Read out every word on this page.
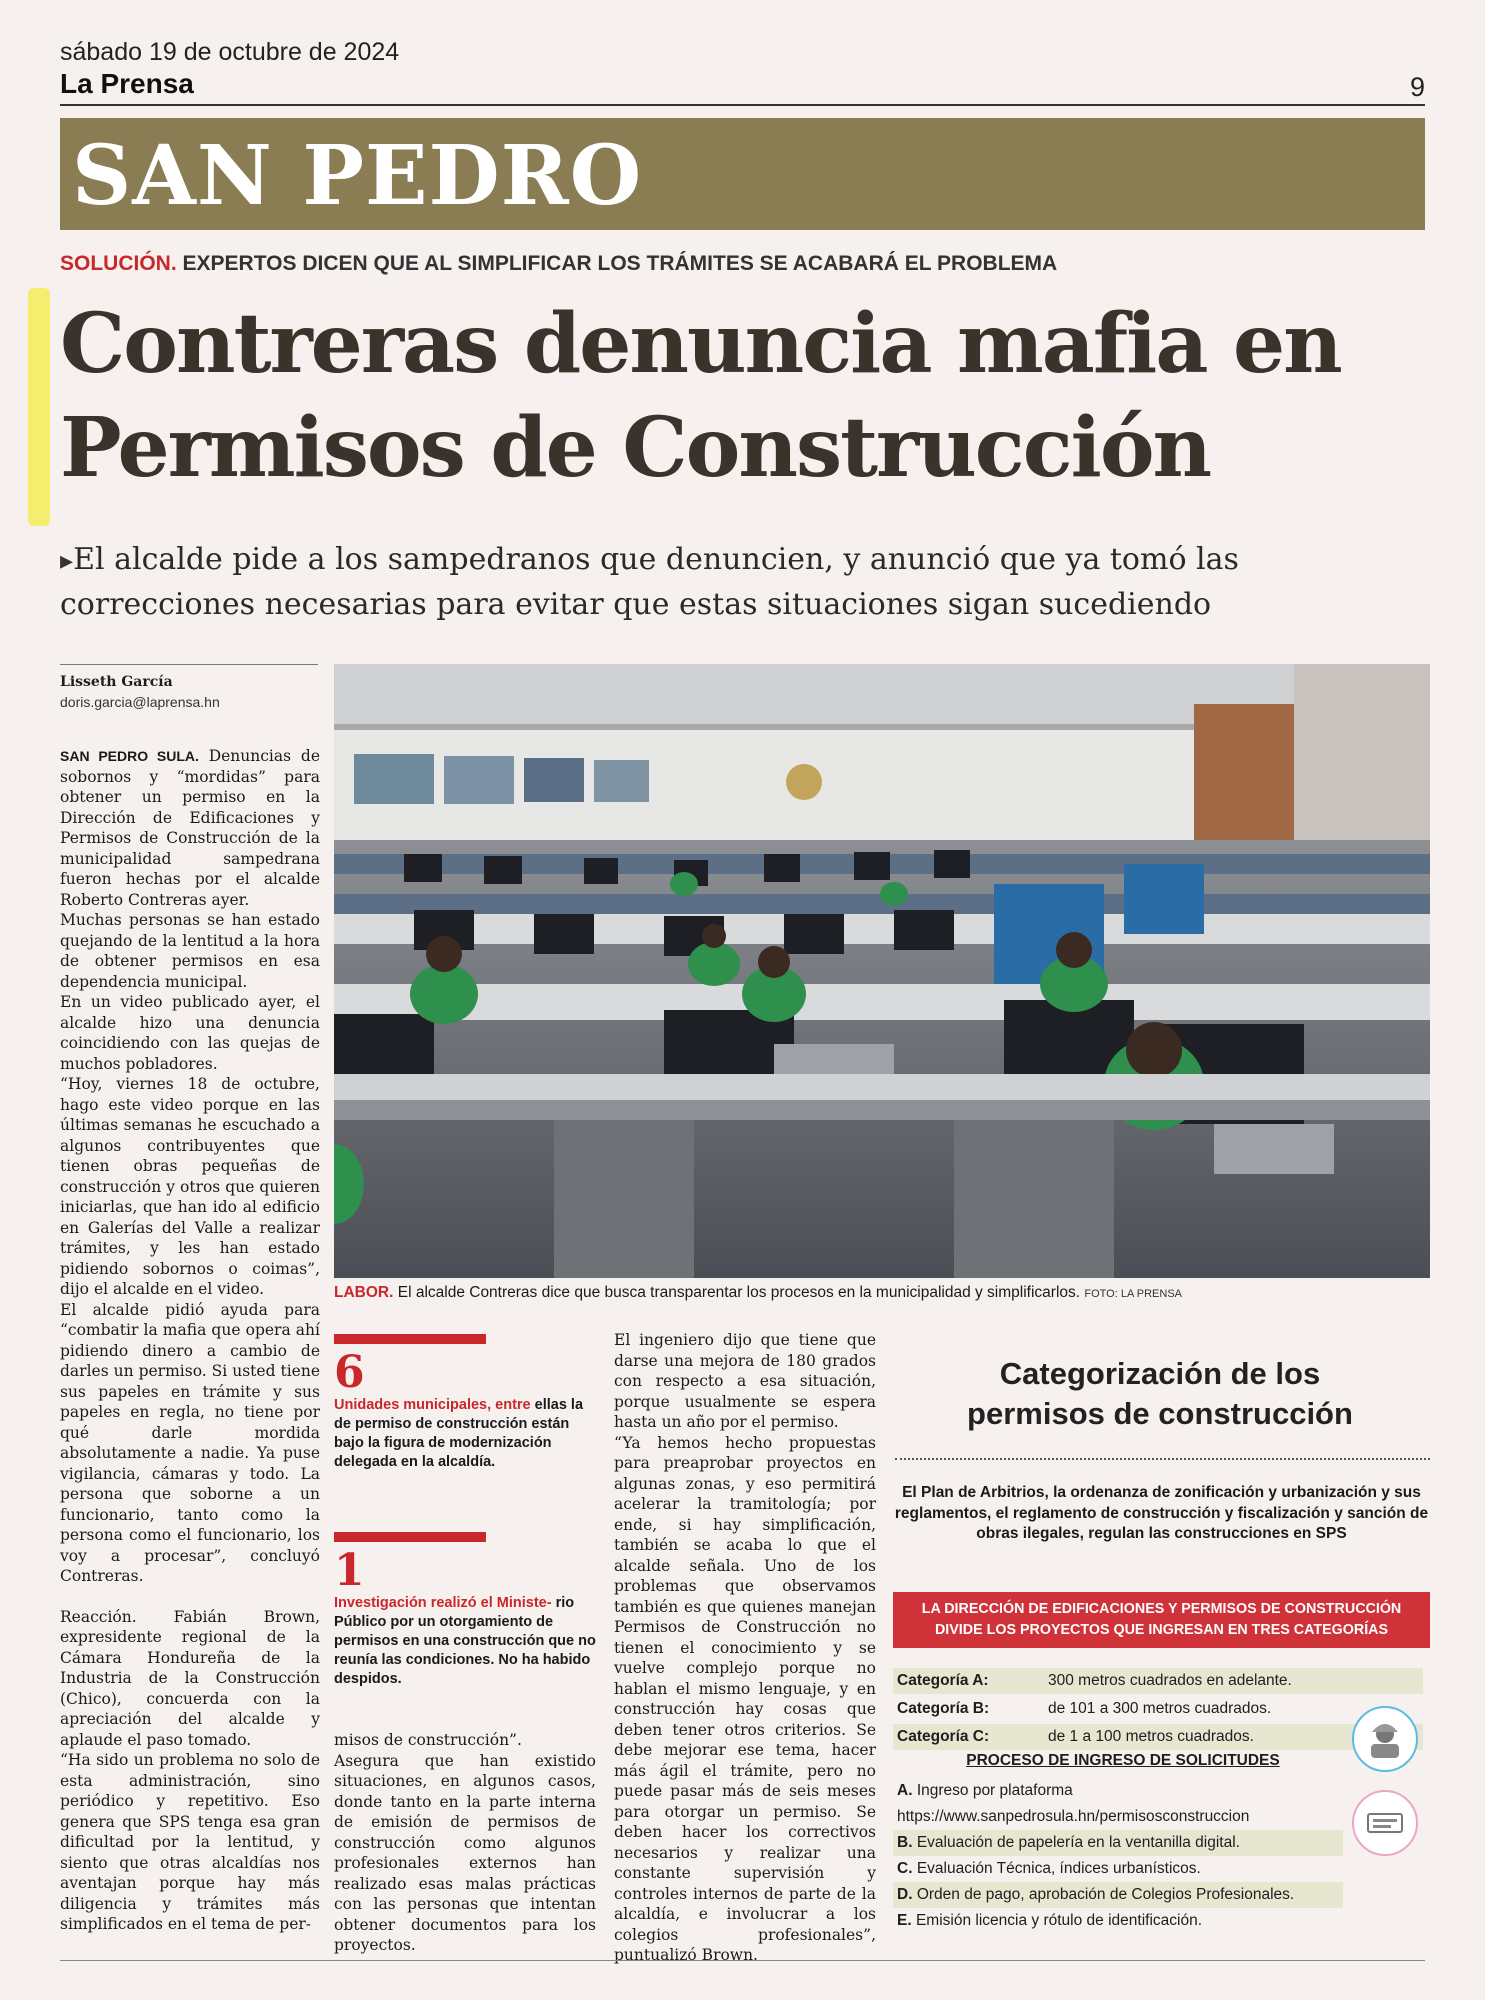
sábado 19 de octubre de 2024
La Prensa	9
SAN PEDRO
SOLUCIÓN. EXPERTOS DICEN QUE AL SIMPLIFICAR LOS TRÁMITES SE ACABARÁ EL PROBLEMA
Contreras denuncia mafia en
Permisos de Construcción
▸El alcalde pide a los sampedranos que denuncien, y anunció que ya tomó las
correcciones necesarias para evitar que estas situaciones sigan sucediendo
Lisseth García
doris.garcia@laprensa.hn

SAN PEDRO SULA. Denuncias de sobornos y “mordidas” para obtener un permiso en la Dirección de Edificaciones y Permisos de Construcción de la municipalidad sampedrana fueron hechas por el alcalde Roberto Contreras ayer.

Muchas personas se han estado quejando de la lentitud a la hora de obtener permisos en esa dependencia municipal.

En un video publicado ayer, el alcalde hizo una denuncia coincidiendo con las quejas de muchos pobladores.

“Hoy, viernes 18 de octubre, hago este video porque en las últimas semanas he escuchado a algunos contribuyentes que tienen obras pequeñas de construcción y otros que quieren iniciarlas, que han ido al edificio en Galerías del Valle a realizar trámites, y les han estado pidiendo sobornos o coimas”, dijo el alcalde en el video.

El alcalde pidió ayuda para “combatir la mafia que opera ahí pidiendo dinero a cambio de darles un permiso. Si usted tiene sus papeles en trámite y sus papeles en regla, no tiene por qué darle mordida absolutamente a nadie. Ya puse vigilancia, cámaras y todo. La persona que soborne a un funcionario, tanto como la persona como el funcionario, los voy a procesar”, concluyó Contreras.

Reacción. Fabián Brown, expresidente regional de la Cámara Hondureña de la Industria de la Construcción (Chico), concuerda con la apreciación del alcalde y aplaude el paso tomado.

“Ha sido un problema no solo de esta administración, sino periódico y repetitivo. Eso genera que SPS tenga esa gran dificultad por la lentitud, y siento que otras alcaldías nos aventajan porque hay más diligencia y trámites más simplificados en el tema de per-

LABOR. El alcalde Contreras dice que busca transparentar los procesos en la municipalidad y simplificarlos. FOTO: LA PRENSA
6
Unidades municipales, entre ellas la de permiso de construcción están bajo la figura de modernización delegada en la alcaldía.
1
Investigación realizó el Ministe- rio Público por un otorgamiento de permisos en una construcción que no reunía las condiciones. No ha habido despidos.

misos de construcción”.

Asegura que han existido situaciones, en algunos casos, donde tanto en la parte interna de emisión de permisos de construcción como algunos profesionales externos han realizado esas malas prácticas con las personas que intentan obtener documentos para los proyectos.

El ingeniero dijo que tiene que darse una mejora de 180 grados con respecto a esa situación, porque usualmente se espera hasta un año por el permiso.

“Ya hemos hecho propuestas para preaprobar proyectos en algunas zonas, y eso permitirá acelerar la tramitología; por ende, si hay simplificación, también se acaba lo que el alcalde señala. Uno de los problemas que observamos también es que quienes manejan Permisos de Construcción no tienen el conocimiento y se vuelve complejo porque no hablan el mismo lenguaje, y en construcción hay cosas que deben tener otros criterios. Se debe mejorar ese tema, hacer más ágil el trámite, pero no puede pasar más de seis meses para otorgar un permiso. Se deben hacer los correctivos necesarios y realizar una constante supervisión y controles internos de parte de la alcaldía, e involucrar a los colegios profesionales”, puntualizó Brown.

Categorización de los
permisos de construcción
El Plan de Arbitrios, la ordenanza de zonificación y urbanización y sus reglamentos, el reglamento de construcción y fiscalización y sanción de obras ilegales, regulan las construcciones en SPS
LA DIRECCIÓN DE EDIFICACIONES Y PERMISOS DE CONSTRUCCIÓN
DIVIDE LOS PROYECTOS QUE INGRESAN EN TRES CATEGORÍAS
Categoría A:	300 metros cuadrados en adelante.
Categoría B:	de 101 a 300 metros cuadrados.
Categoría C:	de 1 a 100 metros cuadrados.
PROCESO DE INGRESO DE SOLICITUDES
A. Ingreso por plataforma
https://www.sanpedrosula.hn/permisosconstruccion
B. Evaluación de papelería en la ventanilla digital.
C. Evaluación Técnica, índices urbanísticos.
D. Orden de pago, aprobación de Colegios Profesionales.
E. Emisión licencia y rótulo de identificación.
